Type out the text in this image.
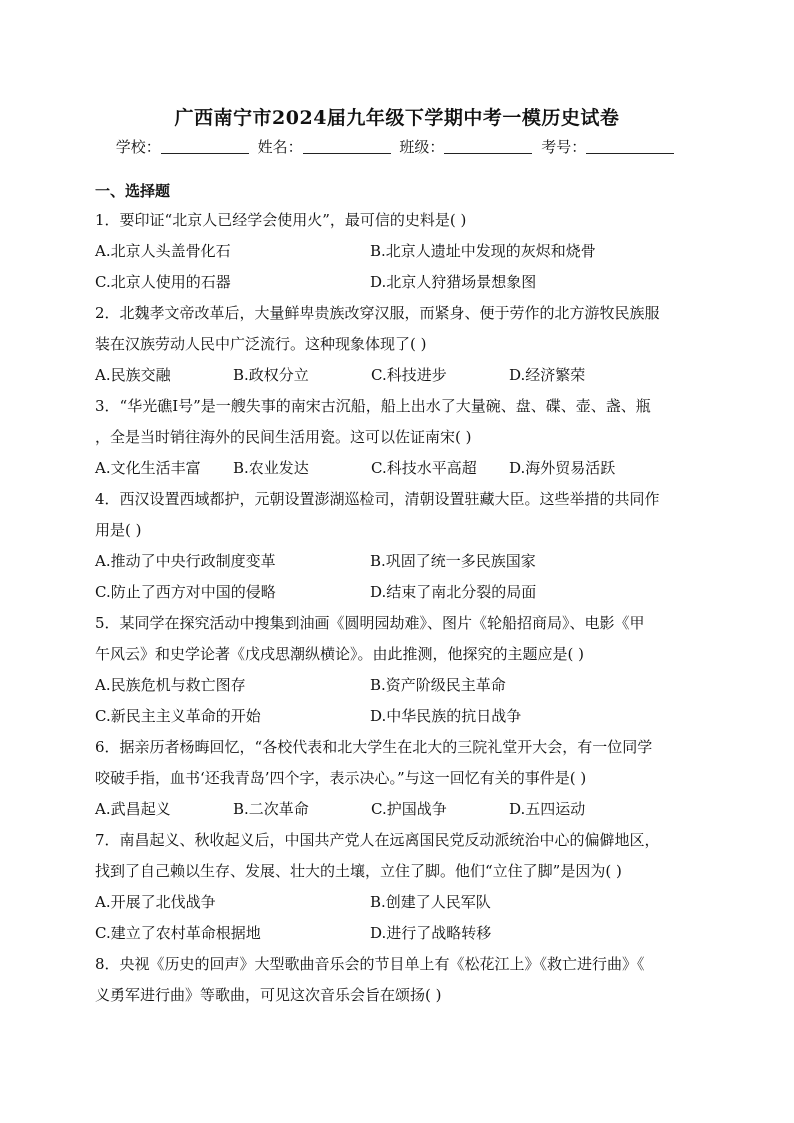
广西南宁市2024届九年级下学期中考一模历史试卷
学校：	姓名：	班级：	考号：
一、选择题
1．要印证“北京人已经学会使用火”，最可信的史料是( )
A.北京人头盖骨化石	B.北京人遗址中发现的灰烬和烧骨
C.北京人使用的石器	D.北京人狩猎场景想象图
2．北魏孝文帝改革后，大量鲜卑贵族改穿汉服，而紧身、便于劳作的北方游牧民族服
装在汉族劳动人民中广泛流行。这种现象体现了( )
A.民族交融	B.政权分立	C.科技进步	D.经济繁荣
3．“华光礁Ⅰ号”是一艘失事的南宋古沉船，船上出水了大量碗、盘、碟、壶、盏、瓶
，全是当时销往海外的民间生活用瓷。这可以佐证南宋( )
A.文化生活丰富 B.农业发达	C.科技水平高超 D.海外贸易活跃
4．西汉设置西域都护，元朝设置澎湖巡检司，清朝设置驻藏大臣。这些举措的共同作
用是( )
A.推动了中央行政制度变革	B.巩固了统一多民族国家
C.防止了西方对中国的侵略	D.结束了南北分裂的局面
5．某同学在探究活动中搜集到油画《圆明园劫难》、图片《轮船招商局》、电影《甲
午风云》和史学论著《戊戌思潮纵横论》。由此推测，他探究的主题应是( )
A.民族危机与救亡图存	B.资产阶级民主革命
C.新民主主义革命的开始	D.中华民族的抗日战争
6．据亲历者杨晦回忆，“各校代表和北大学生在北大的三院礼堂开大会，有一位同学
咬破手指，血书‘还我青岛’四个字，表示决心。”与这一回忆有关的事件是( )
A.武昌起义	B.二次革命	C.护国战争	D.五四运动
7．南昌起义、秋收起义后，中国共产党人在远离国民党反动派统治中心的偏僻地区，
找到了自己赖以生存、发展、壮大的土壤，立住了脚。他们“立住了脚”是因为( )
A.开展了北伐战争	B.创建了人民军队
C.建立了农村革命根据地	D.进行了战略转移
8．央视《历史的回声》大型歌曲音乐会的节目单上有《松花江上》《救亡进行曲》《
义勇军进行曲》等歌曲，可见这次音乐会旨在颂扬( )
